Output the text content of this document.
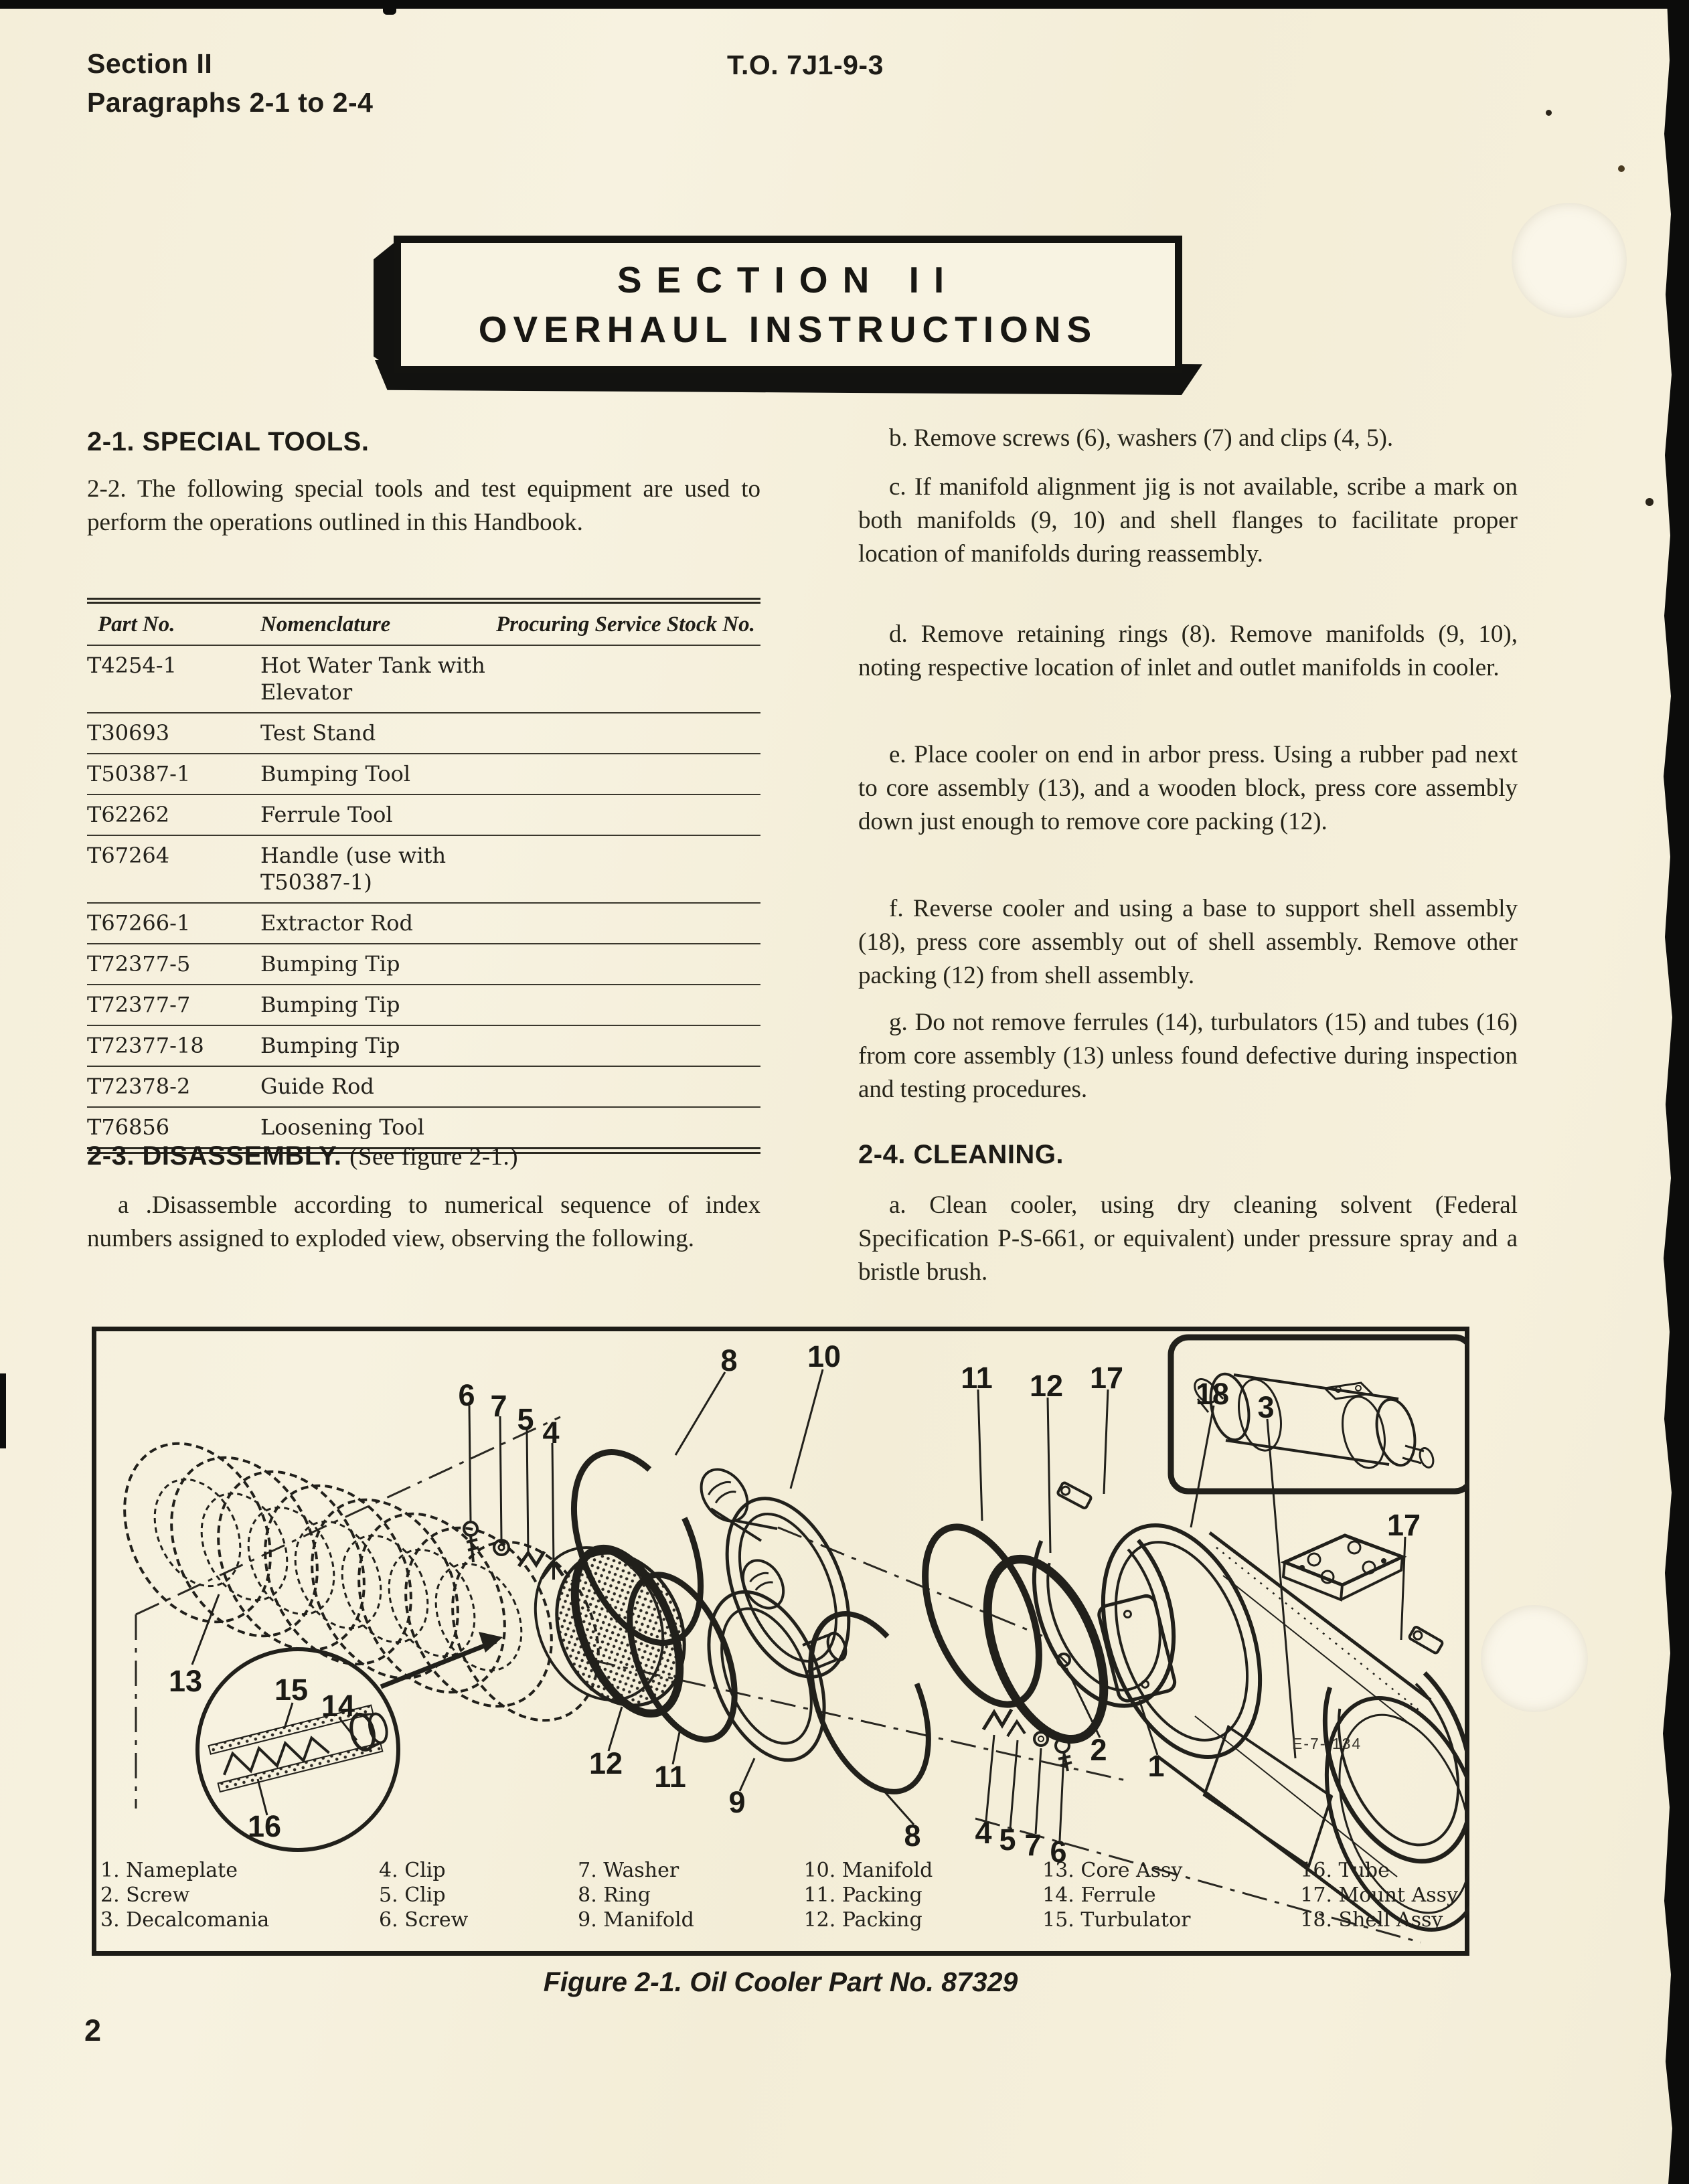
Section II
Paragraphs 2-1 to 2-4
T.O. 7J1-9-3
SECTION II
OVERHAUL INSTRUCTIONS
2-1. SPECIAL TOOLS.
2-2. The following special tools and test equipment are used to perform the operations outlined in this Handbook.
Part No.	Nomenclature	Procuring Service Stock No.
T4254-1	Hot Water Tank with Elevator	
T30693	Test Stand	
T50387-1	Bumping Tool	
T62262	Ferrule Tool	
T67264	Handle (use with T50387-1)	
T67266-1	Extractor Rod	
T72377-5	Bumping Tip	
T72377-7	Bumping Tip	
T72377-18	Bumping Tip	
T72378-2	Guide Rod	
T76856	Loosening Tool	
2-3. DISASSEMBLY. (See figure 2-1.)
a .Disassemble according to numerical sequence of index numbers assigned to exploded view, observing the following.
b. Remove screws (6), washers (7) and clips (4, 5).
c. If manifold alignment jig is not available, scribe a mark on both manifolds (9, 10) and shell flanges to facilitate proper location of manifolds during reassembly.
d. Remove retaining rings (8). Remove manifolds (9, 10), noting respective location of inlet and outlet manifolds in cooler.
e. Place cooler on end in arbor press. Using a rubber pad next to core assembly (13), and a wooden block, press core assembly down just enough to remove core packing (12).
f. Reverse cooler and using a base to support shell assembly (18), press core assembly out of shell assembly. Remove other packing (12) from shell assembly.
g. Do not remove ferrules (14), turbulators (15) and tubes (16) from core assembly (13) unless found defective during inspection and testing procedures.
2-4. CLEANING.
a. Clean cooler, using dry cleaning solvent (Federal Specification P-S-661, or equivalent) under pressure spray and a bristle brush.
6 7 5 4
8 10
11 12 17 18 3
17
13 15 14
16
12 11
9
8 4 5 7 6
2 1
E-7- 134
1. Nameplate
2. Screw
3. Decalcomania
4. Clip
5. Clip
6. Screw
7. Washer
8. Ring
9. Manifold
10. Manifold
11. Packing
12. Packing
13. Core Assy
14. Ferrule
15. Turbulator
16. Tube
17. Mount Assy
18. Shell Assy
Figure 2-1. Oil Cooler Part No. 87329
2
